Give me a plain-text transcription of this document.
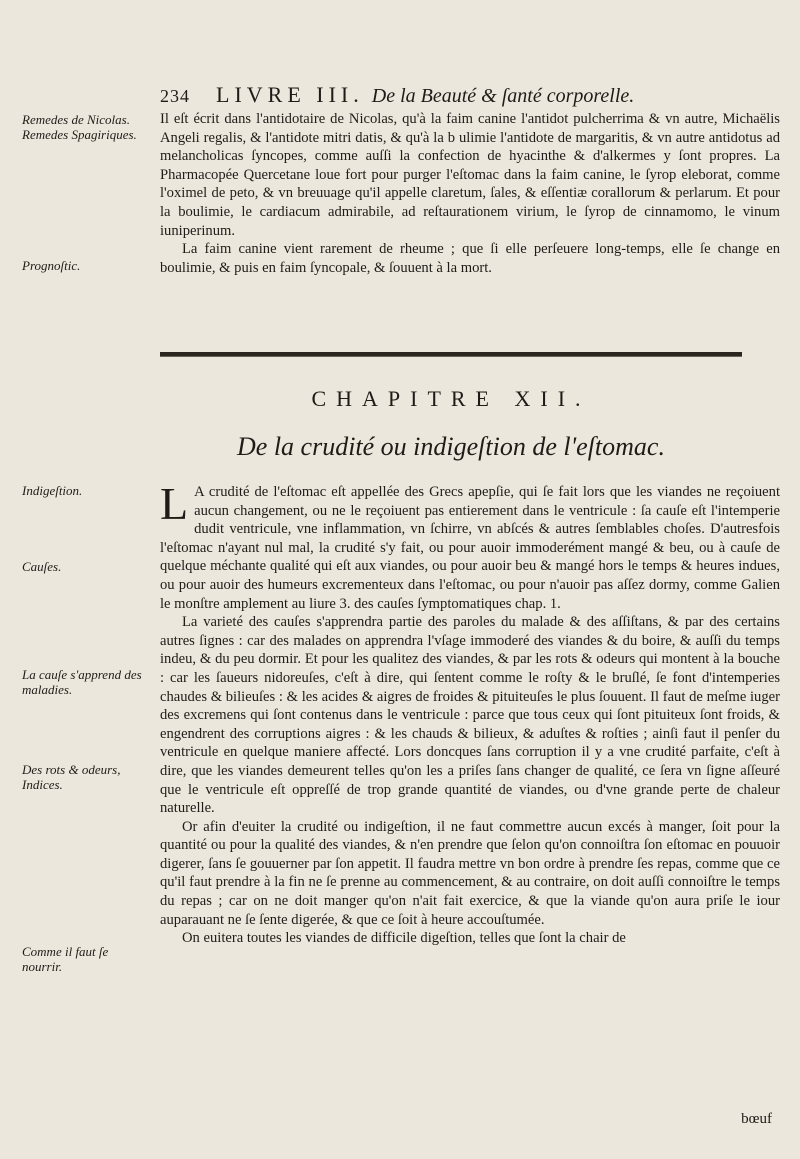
234 LIVRE III. De la Beauté & ſanté corporelle.
Remedes de Nicolas. Remedes Spagiriques.
Prognoſtic.
Indigeſtion.
Cauſes.
La cauſe s'apprend des maladies.
Des rots & odeurs, Indices.
Comme il faut ſe nourrir.

Il eſt écrit dans l'antidotaire de Nicolas, qu'à la faim canine l'antidot pulcherrima & vn autre, Michaëlis Angeli regalis, & l'antidote mitri datis, & qu'à la b ulimie l'antidote de margaritis, & vn autre antidotus ad melancholicas ſyncopes, comme auſſi la confection de hyacinthe & d'alkermes y ſont propres. La Pharmacopée Quercetane loue fort pour purger l'eſtomac dans la faim canine, le ſyrop eleborat, comme l'oximel de peto, & vn breuuage qu'il appelle claretum, ſales, & eſſentiæ corallorum & perlarum. Et pour la boulimie, le cardiacum admirabile, ad reſtaurationem virium, le ſyrop de cinnamomo, le vinum iuniperinum.

La faim canine vient rarement de rheume ; que ſi elle perſeuere long-temps, elle ſe change en boulimie, & puis en faim ſyncopale, & ſouuent à la mort.

CHAPITRE XII.
De la crudité ou indigeſtion de l'eſtomac.

L A crudité de l'eſtomac eſt appellée des Grecs apepſie, qui ſe fait lors que les viandes ne reçoiuent aucun changement, ou ne le reçoiuent pas entierement dans le ventricule : ſa cauſe eſt l'intemperie dudit ventricule, vne inflammation, vn ſchirre, vn abſcés & autres ſemblables choſes. D'autresfois l'eſtomac n'ayant nul mal, la crudité s'y fait, ou pour auoir immoderément mangé & beu, ou à cauſe de quelque méchante qualité qui eſt aux viandes, ou pour auoir beu & mangé hors le temps & heures indues, ou pour auoir des humeurs excrementeux dans l'eſtomac, ou pour n'auoir pas aſſez dormy, comme Galien le monſtre amplement au liure 3. des cauſes ſymptomatiques chap. 1.

La varieté des cauſes s'apprendra partie des paroles du malade & des aſſiſtans, & par des certains autres ſignes : car des malades on apprendra l'vſage immoderé des viandes & du boire, & auſſi du temps indeu, & du peu dormir. Et pour les qualitez des viandes, & par les rots & odeurs qui montent à la bouche : car les ſaueurs nidoreuſes, c'eſt à dire, qui ſentent comme le roſty & le bruſlé, ſe font d'intemperies chaudes & bilieuſes : & les acides & aigres de froides & pituiteuſes le plus ſouuent. Il faut de meſme iuger des excremens qui ſont contenus dans le ventricule : parce que tous ceux qui ſont pituiteux ſont froids, & engendrent des corruptions aigres : & les chauds & bilieux, & aduſtes & roſties ; ainſi faut il penſer du ventricule en quelque maniere affecté. Lors doncques ſans corruption il y a vne crudité parfaite, c'eſt à dire, que les viandes demeurent telles qu'on les a priſes ſans changer de qualité, ce ſera vn ſigne aſſeuré que le ventricule eſt oppreſſé de trop grande quantité de viandes, ou d'vne grande perte de chaleur naturelle.

Or afin d'euiter la crudité ou indigeſtion, il ne faut commettre aucun excés à manger, ſoit pour la quantité ou pour la qualité des viandes, & n'en prendre que ſelon qu'on connoiſtra ſon eſtomac en pouuoir digerer, ſans ſe gouuerner par ſon appetit. Il faudra mettre vn bon ordre à prendre ſes repas, comme que ce qu'il faut prendre à la fin ne ſe prenne au commencement, & au contraire, on doit auſſi connoiſtre le temps du repas ; car on ne doit manger qu'on n'ait fait exercice, & que la viande qu'on aura priſe le iour auparauant ne ſe ſente digerée, & que ce ſoit à heure accouſtumée.

On euitera toutes les viandes de difficile digeſtion, telles que ſont la chair de

bœuf
